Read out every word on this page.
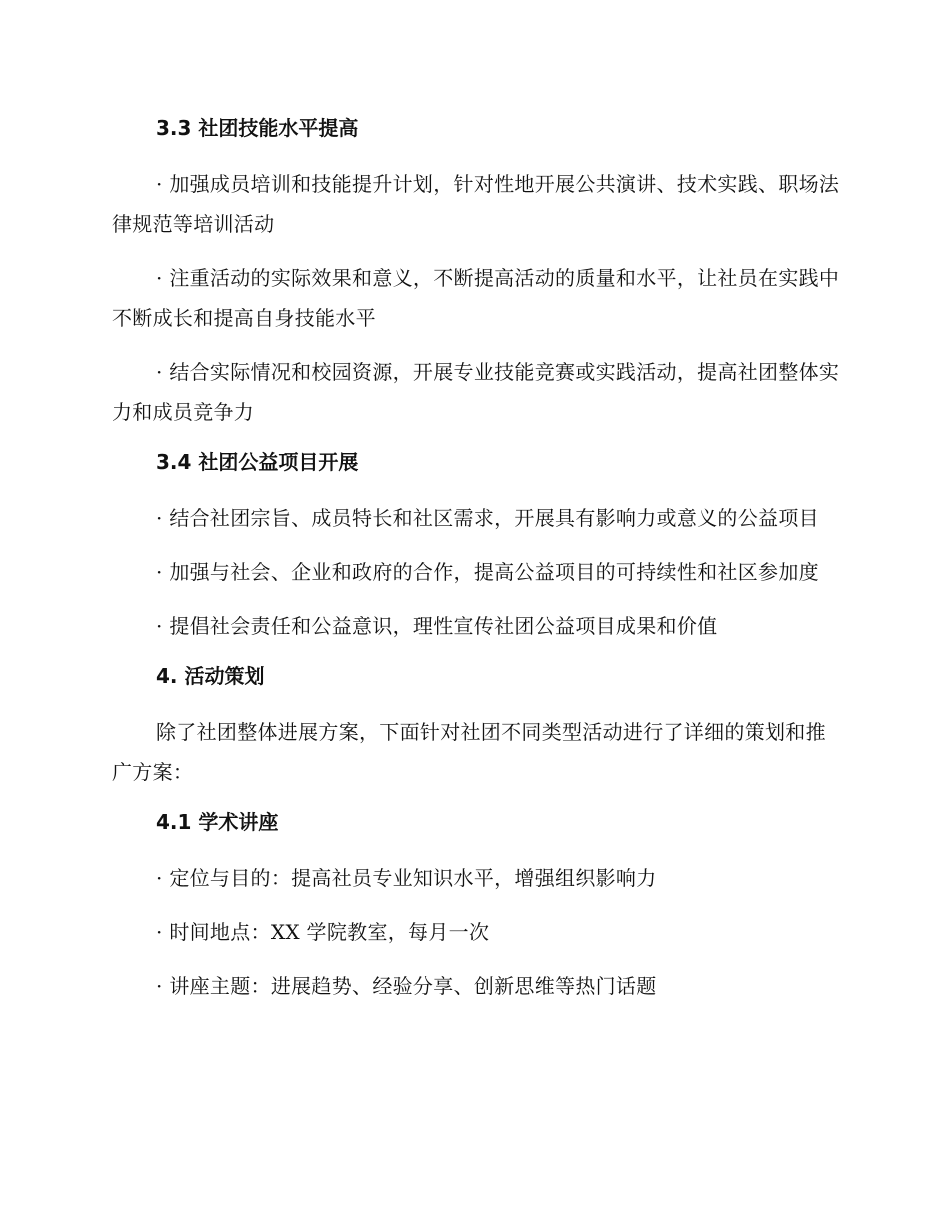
3.3 社团技能水平提高

· 加强成员培训和技能提升计划，针对性地开展公共演讲、技术实践、职场法律规范等培训活动

· 注重活动的实际效果和意义，不断提高活动的质量和水平，让社员在实践中不断成长和提高自身技能水平

· 结合实际情况和校园资源，开展专业技能竞赛或实践活动，提高社团整体实力和成员竞争力

3.4 社团公益项目开展

· 结合社团宗旨、成员特长和社区需求，开展具有影响力或意义的公益项目

· 加强与社会、企业和政府的合作，提高公益项目的可持续性和社区参加度

· 提倡社会责任和公益意识，理性宣传社团公益项目成果和价值

4. 活动策划

除了社团整体进展方案，下面针对社团不同类型活动进行了详细的策划和推广方案：

4.1 学术讲座

· 定位与目的：提高社员专业知识水平，增强组织影响力

· 时间地点：XX 学院教室，每月一次

· 讲座主题：进展趋势、经验分享、创新思维等热门话题
